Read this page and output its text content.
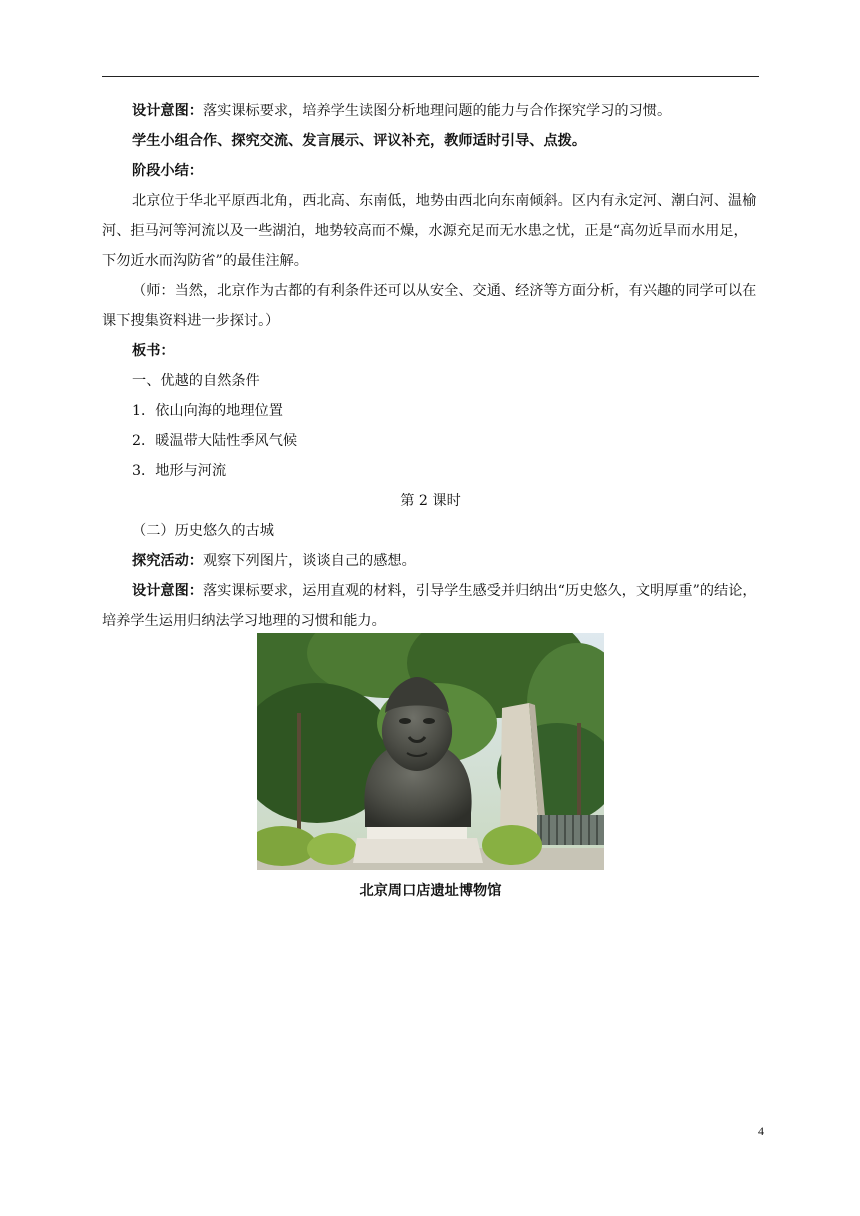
设计意图：落实课标要求，培养学生读图分析地理问题的能力与合作探究学习的习惯。

学生小组合作、探究交流、发言展示、评议补充，教师适时引导、点拨。

阶段小结：

北京位于华北平原西北角，西北高、东南低，地势由西北向东南倾斜。区内有永定河、潮白河、温榆河、拒马河等河流以及一些湖泊，地势较高而不燥，水源充足而无水患之忧，正是“高勿近旱而水用足，下勿近水而沟防省”的最佳注解。

（师：当然，北京作为古都的有利条件还可以从安全、交通、经济等方面分析，有兴趣的同学可以在课下搜集资料进一步探讨。）

板书：

一、优越的自然条件

1．依山向海的地理位置

2．暖温带大陆性季风气候

3．地形与河流

第 2 课时

（二）历史悠久的古城

探究活动：观察下列图片，谈谈自己的感想。

设计意图：落实课标要求，运用直观的材料，引导学生感受并归纳出“历史悠久，文明厚重”的结论，培养学生运用归纳法学习地理的习惯和能力。

北京周口店遗址博物馆
4
